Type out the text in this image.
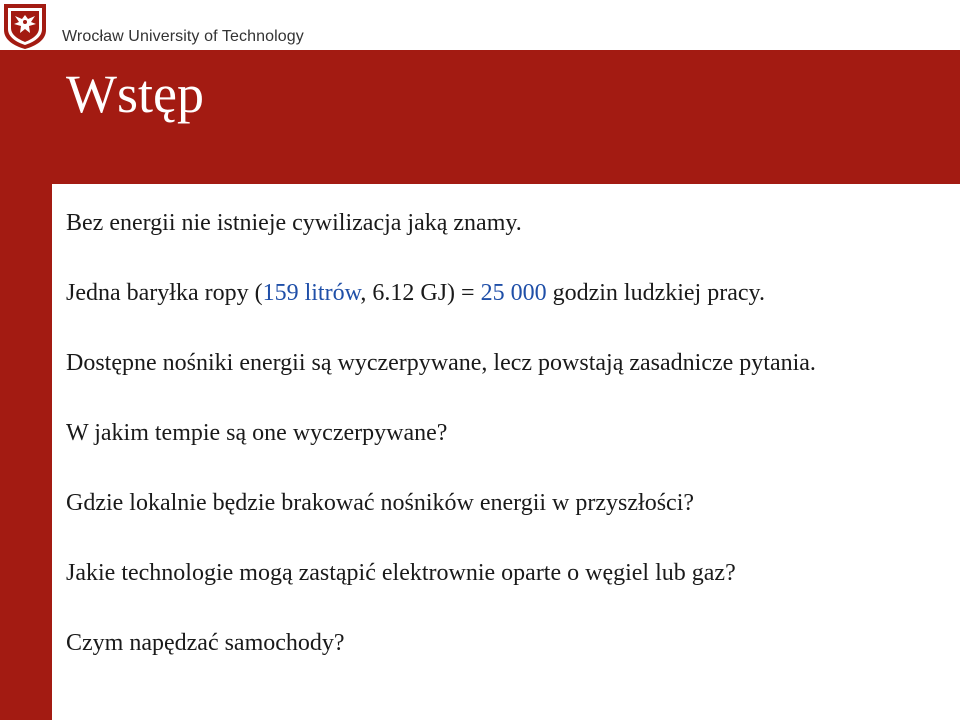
Wrocław University of Technology
Wstęp
Bez energii nie istnieje cywilizacja jaką znamy.
Jedna baryłka ropy (159 litrów, 6.12 GJ) = 25 000 godzin ludzkiej pracy.
Dostępne nośniki energii są wyczerpywane, lecz powstają zasadnicze pytania.
W jakim tempie są one wyczerpywane?
Gdzie lokalnie będzie brakować nośników energii w przyszłości?
Jakie technologie mogą zastąpić elektrownie oparte o węgiel lub gaz?
Czym napędzać samochody?
